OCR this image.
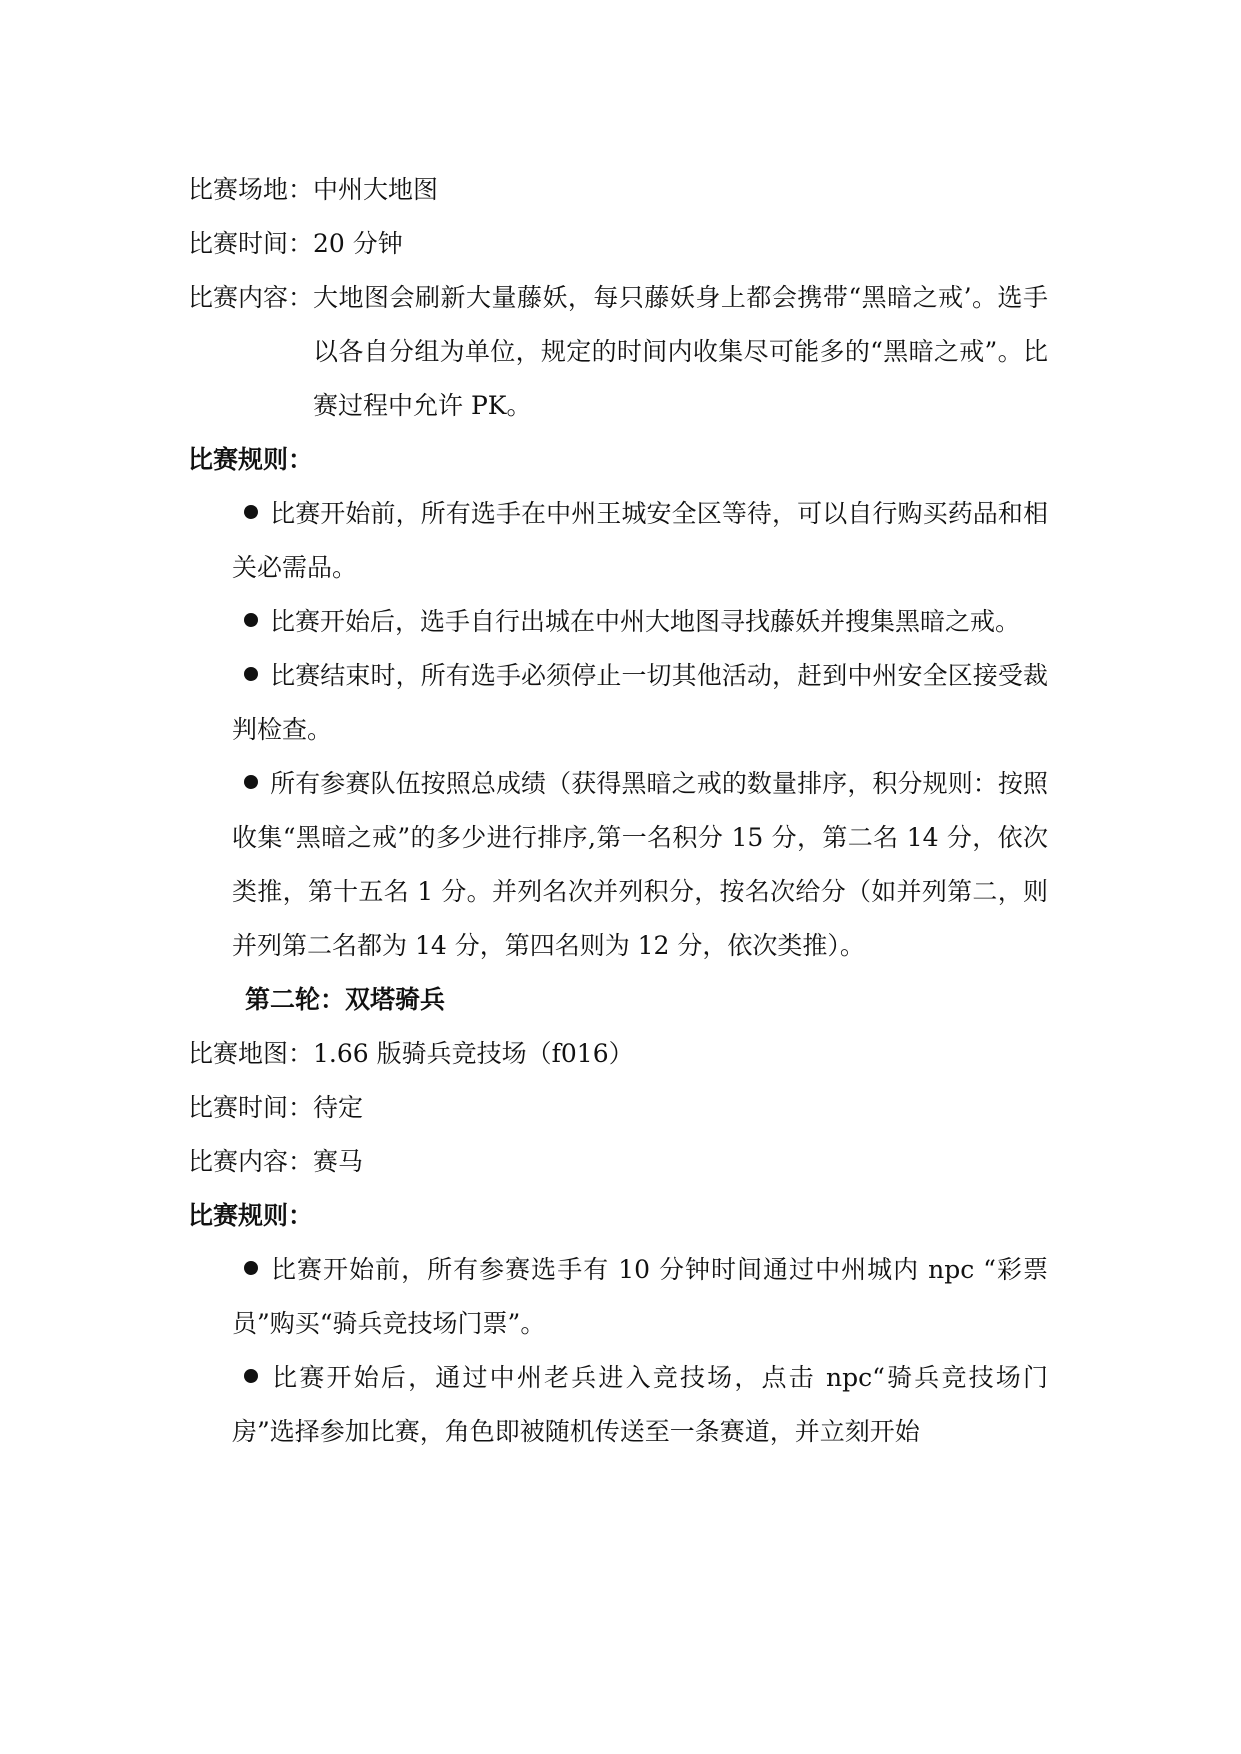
比赛场地： 中州大地图
比赛时间： 20 分钟
比赛内容： 大地图会刷新大量藤妖，每只藤妖身上都会携带“黑暗之戒’。选手以各自分组为单位，规定的时间内收集尽可能多的“黑暗之戒”。比赛过程中允许 PK。
比赛规则：
比赛开始前，所有选手在中州王城安全区等待，可以自行购买药品和相关必需品。
比赛开始后，选手自行出城在中州大地图寻找藤妖并搜集黑暗之戒。
比赛结束时，所有选手必须停止一切其他活动，赶到中州安全区接受裁判检查。
所有参赛队伍按照总成绩（获得黑暗之戒的数量排序，积分规则：按照收集“黑暗之戒”的多少进行排序,第一名积分 15 分，第二名 14 分，依次类推，第十五名 1 分。并列名次并列积分，按名次给分（如并列第二，则并列第二名都为 14 分，第四名则为 12 分，依次类推）。
第二轮：双塔骑兵
比赛地图： 1.66 版骑兵竞技场（f016）
比赛时间： 待定
比赛内容： 赛马
比赛规则：
比赛开始前，所有参赛选手有 10 分钟时间通过中州城内 npc “彩票员”购买“骑兵竞技场门票”。
比赛开始后，通过中州老兵进入竞技场，点击 npc“骑兵竞技场门房”选择参加比赛，角色即被随机传送至一条赛道，并立刻开始
